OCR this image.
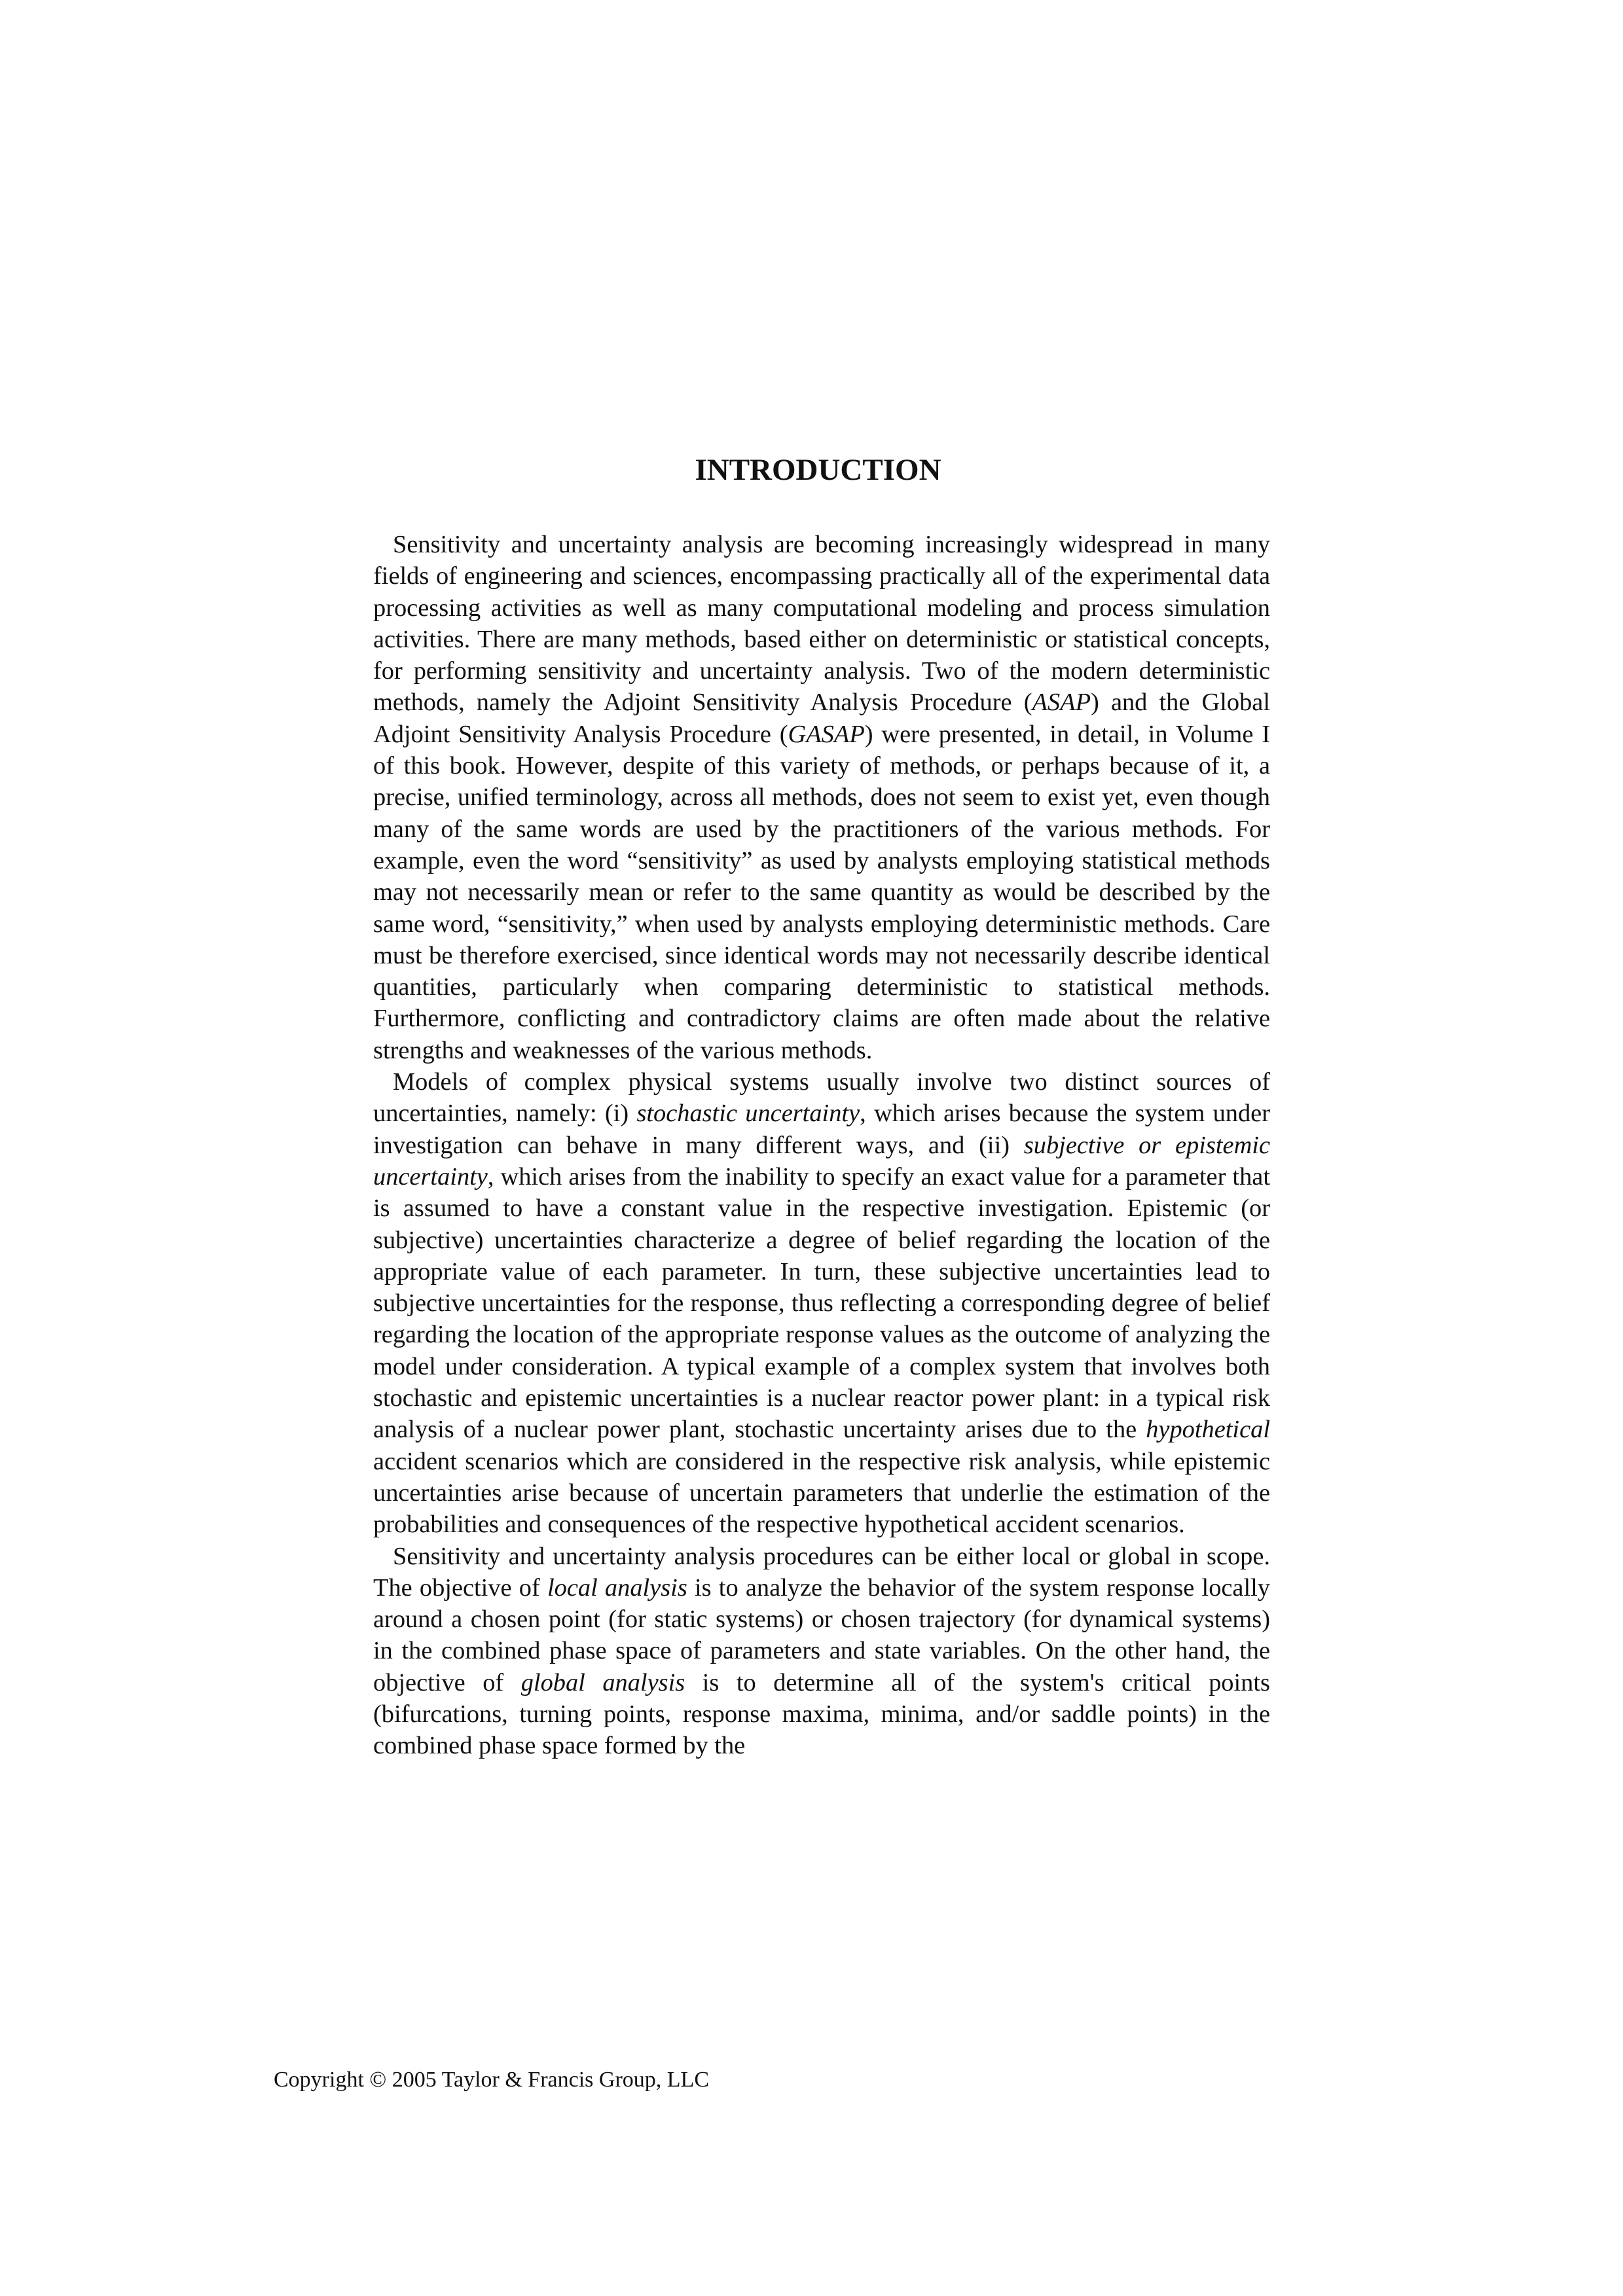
INTRODUCTION

Sensitivity and uncertainty analysis are becoming increasingly widespread in many fields of engineering and sciences, encompassing practically all of the experimental data processing activities as well as many computational modeling and process simulation activities. There are many methods, based either on deterministic or statistical concepts, for performing sensitivity and uncertainty analysis. Two of the modern deterministic methods, namely the Adjoint Sensitivity Analysis Procedure (ASAP) and the Global Adjoint Sensitivity Analysis Procedure (GASAP) were presented, in detail, in Volume I of this book. However, despite of this variety of methods, or perhaps because of it, a precise, unified terminology, across all methods, does not seem to exist yet, even though many of the same words are used by the practitioners of the various methods. For example, even the word “sensitivity” as used by analysts employing statistical methods may not necessarily mean or refer to the same quantity as would be described by the same word, “sensitivity,” when used by analysts employing deterministic methods. Care must be therefore exercised, since identical words may not necessarily describe identical quantities, particularly when comparing deterministic to statistical methods. Furthermore, conflicting and contradictory claims are often made about the relative strengths and weaknesses of the various methods.

Models of complex physical systems usually involve two distinct sources of uncertainties, namely: (i) stochastic uncertainty, which arises because the system under investigation can behave in many different ways, and (ii) subjective or epistemic uncertainty, which arises from the inability to specify an exact value for a parameter that is assumed to have a constant value in the respective investigation. Epistemic (or subjective) uncertainties characterize a degree of belief regarding the location of the appropriate value of each parameter. In turn, these subjective uncertainties lead to subjective uncertainties for the response, thus reflecting a corresponding degree of belief regarding the location of the appropriate response values as the outcome of analyzing the model under consideration. A typical example of a complex system that involves both stochastic and epistemic uncertainties is a nuclear reactor power plant: in a typical risk analysis of a nuclear power plant, stochastic uncertainty arises due to the hypothetical accident scenarios which are considered in the respective risk analysis, while epistemic uncertainties arise because of uncertain parameters that underlie the estimation of the probabilities and consequences of the respective hypothetical accident scenarios.

Sensitivity and uncertainty analysis procedures can be either local or global in scope. The objective of local analysis is to analyze the behavior of the system response locally around a chosen point (for static systems) or chosen trajectory (for dynamical systems) in the combined phase space of parameters and state variables. On the other hand, the objective of global analysis is to determine all of the system's critical points (bifurcations, turning points, response maxima, minima, and/or saddle points) in the combined phase space formed by the

Copyright © 2005 Taylor & Francis Group, LLC
